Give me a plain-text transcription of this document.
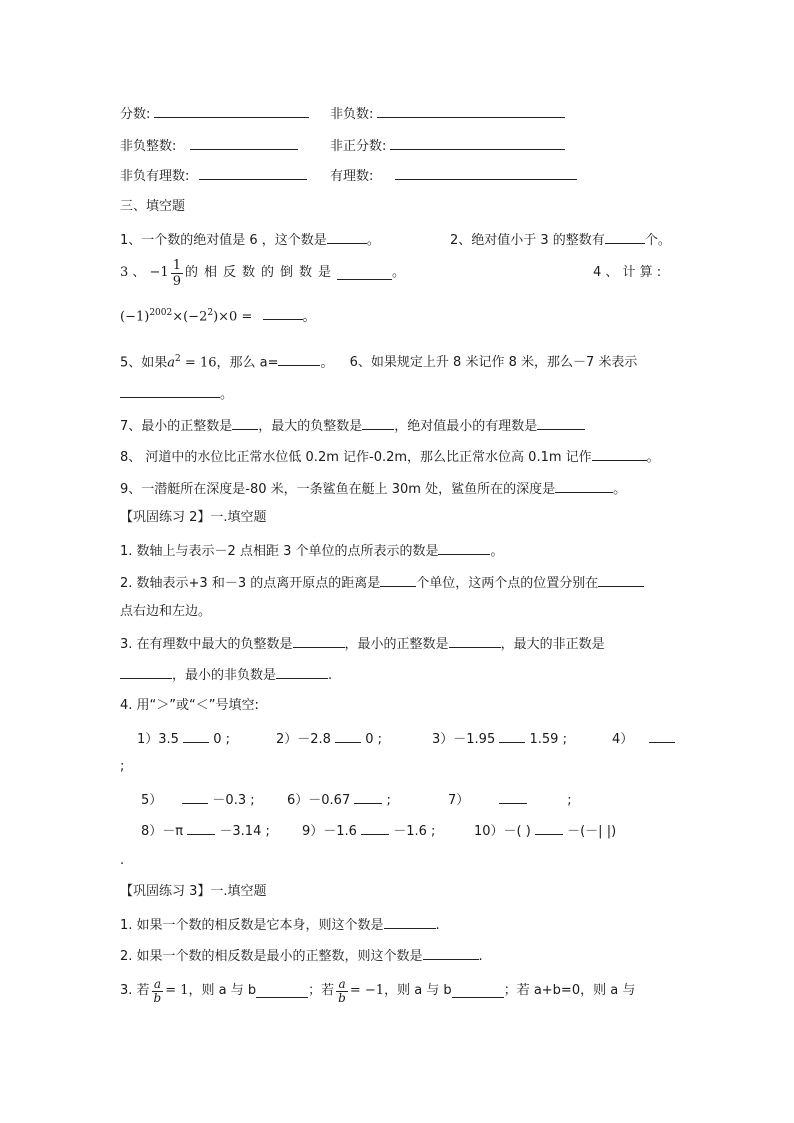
分数:	非负数:
非负整数:	非正分数:
非负有理数:	有理数:
三、填空题
1、一个数的绝对值是 6 ，这个数是	。	2、绝对值小于 3 的整数有	个。
3 、 $-1 \frac{1}{9}$ 的相反数的倒数是	。	4 、 计 算 :
$(-1)^{2002}\times(-2^2)\times 0$ =	。
5、如果$a^2 = 16$，那么 a=	。 6、如果规定上升 8 米记作 8 米，那么－7 米表示
。
7、最小的正整数是 ，最大的负整数是 ，绝对值最小的有理数是
8、 河道中的水位比正常水位低 0.2m 记作-0.2m，那么比正常水位高 0.1m 记作	。
9、一潜艇所在深度是-80 米，一条鲨鱼在艇上 30m 处，鲨鱼所在的深度是	。
【巩固练习 2】一.填空题
1. 数轴上与表示－2 点相距 3 个单位的点所表示的数是	。
2. 数轴表示+3 和－3 的点离开原点的距离是	个单位，这两个点的位置分别在
点右边和左边。
3. 在有理数中最大的负整数是	，最小的正整数是	，最大的非正数是
，最小的非负数是	.
4. 用“＞”或“＜”号填空:
1）3.5	0 ;	2）－2.8	0 ;	3）－1.95	1.59 ;	4）
;
5）	－0.3 ; 6）－0.67	;	7）	;
8）－π	－3.14 ; 9）－1.6	－1.6 ;	10）－( )	－(－| |)
.
【巩固练习 3】一.填空题
1. 如果一个数的相反数是它本身，则这个数是	.
2. 如果一个数的相反数是最小的正整数，则这个数是	.
3. 若 $\frac{a}{b} = 1$ ，则 a 与 b	；若 $\frac{a}{b} = -1$ ，则 a 与 b	；若 a+b=0，则 a 与
